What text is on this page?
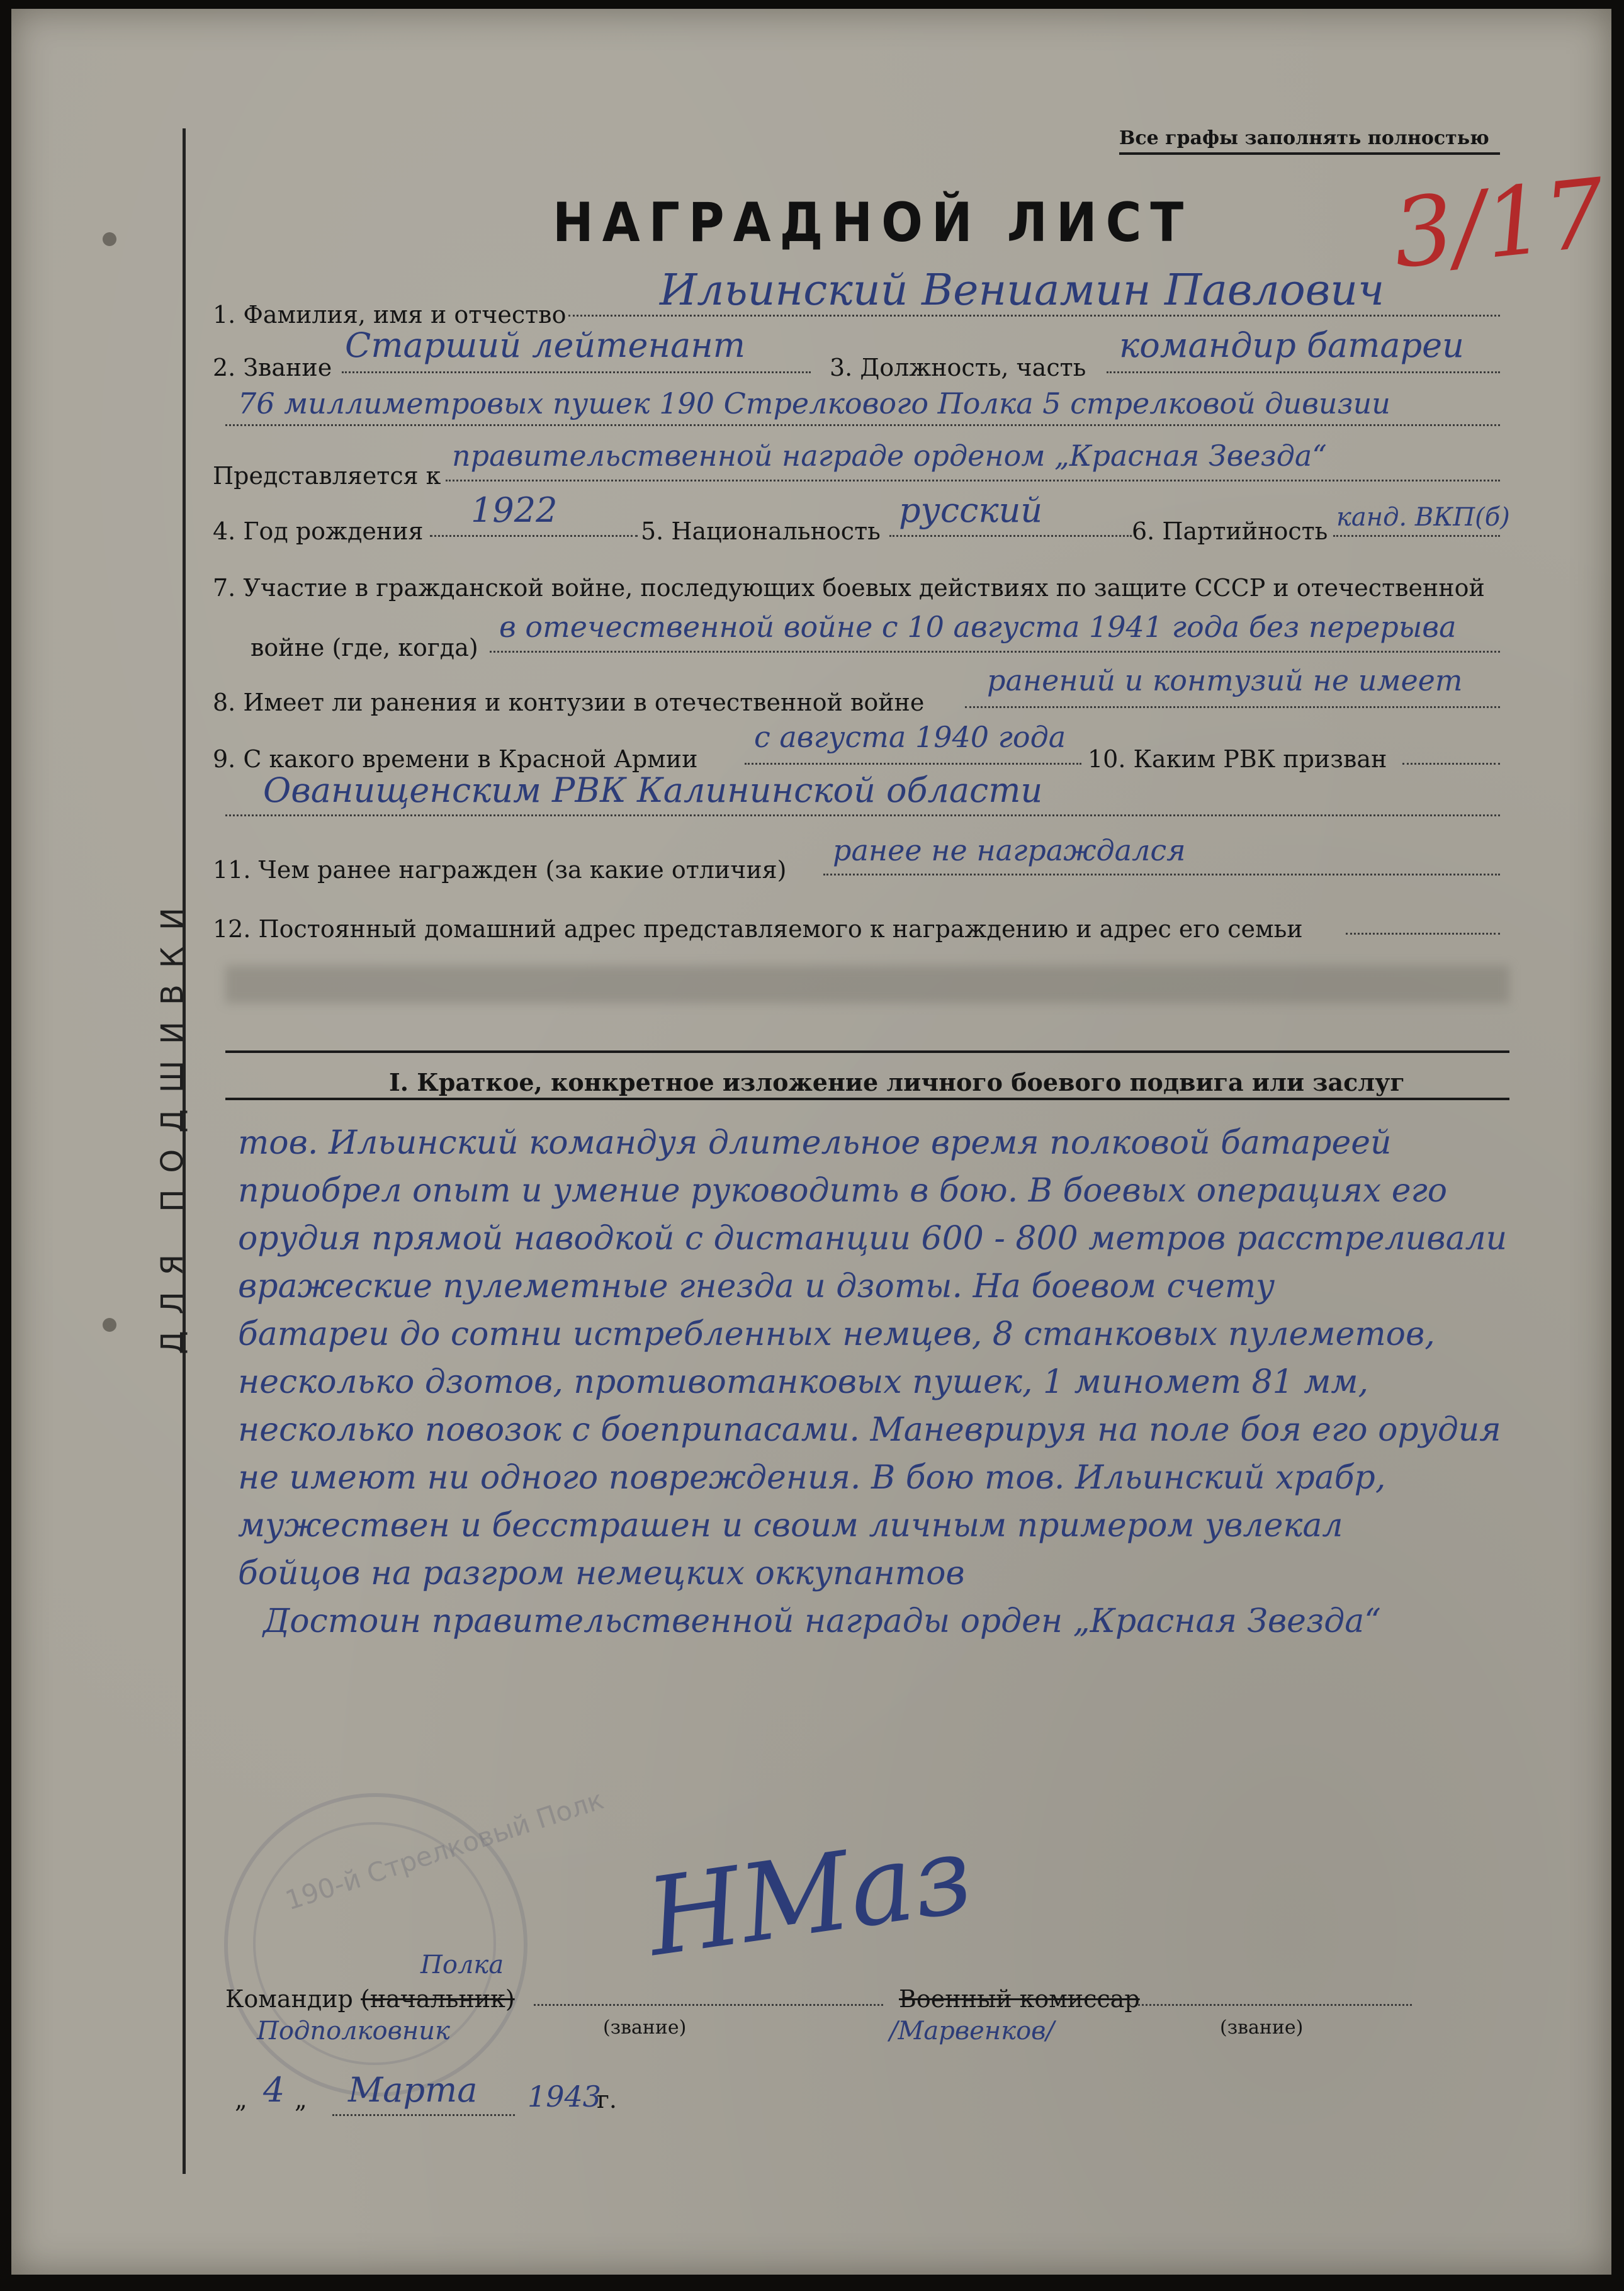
ДЛЯ ПОДШИВКИ
Все графы заполнять полностью
НАГРАДНОЙ ЛИСТ 3/17
1. Фамилия, имя и отчество Ильинский Вениамин Павлович
2. Звание
Старший лейтенант
3. Должность, часть
командир батареи
76 миллиметровых пушек 190 Стрелкового Полка 5 стрелковой дивизии
Представляется к
правительственной награде орденом „Красная Звезда“
4. Год рождения
1922
5. Национальность
русский
6. Партийность канд. ВКП(б)
7. Участие в гражданской войне, последующих боевых действиях по защите СССР и отечественной
войне (где, когда)
в отечественной войне с 10 августа 1941 года без перерыва
8. Имеет ли ранения и контузии в отечественной войне
ранений и контузий не имеет
9. С какого времени в Красной Армии
с августа 1940 года
10. Каким РВК призван
Ованищенским РВК Калининской области
11. Чем ранее награжден (за какие отличия)
ранее не награждался
12. Постоянный домашний адрес представляемого к награждению и адрес его семьи
I. Краткое, конкретное изложение личного боевого подвига или заслуг
тов. Ильинский командуя длительное время полковой батареей
приобрел опыт и умение руководить в бою. В боевых операциях его
орудия прямой наводкой с дистанции 600 - 800 метров расстреливали
вражеские пулеметные гнезда и дзоты. На боевом счету
батареи до сотни истребленных немцев, 8 станковых пулеметов,
несколько дзотов, противотанковых пушек, 1 миномет 81 мм,
несколько повозок с боеприпасами. Маневрируя на поле боя его орудия
не имеют ни одного повреждения. В бою тов. Ильинский храбр,
мужествен и бесстрашен и своим личным примером увлекал
бойцов на разгром немецких оккупантов
Достоин правительственной награды орден „Красная Звезда“
190-й Стрелковый Полк
Полка
Командир (начальник)
Подполковник	(звание)
НМаз
Военный комиссар
/Марвенков/	(звание)
„ 4 „ Марта 1943
г.
